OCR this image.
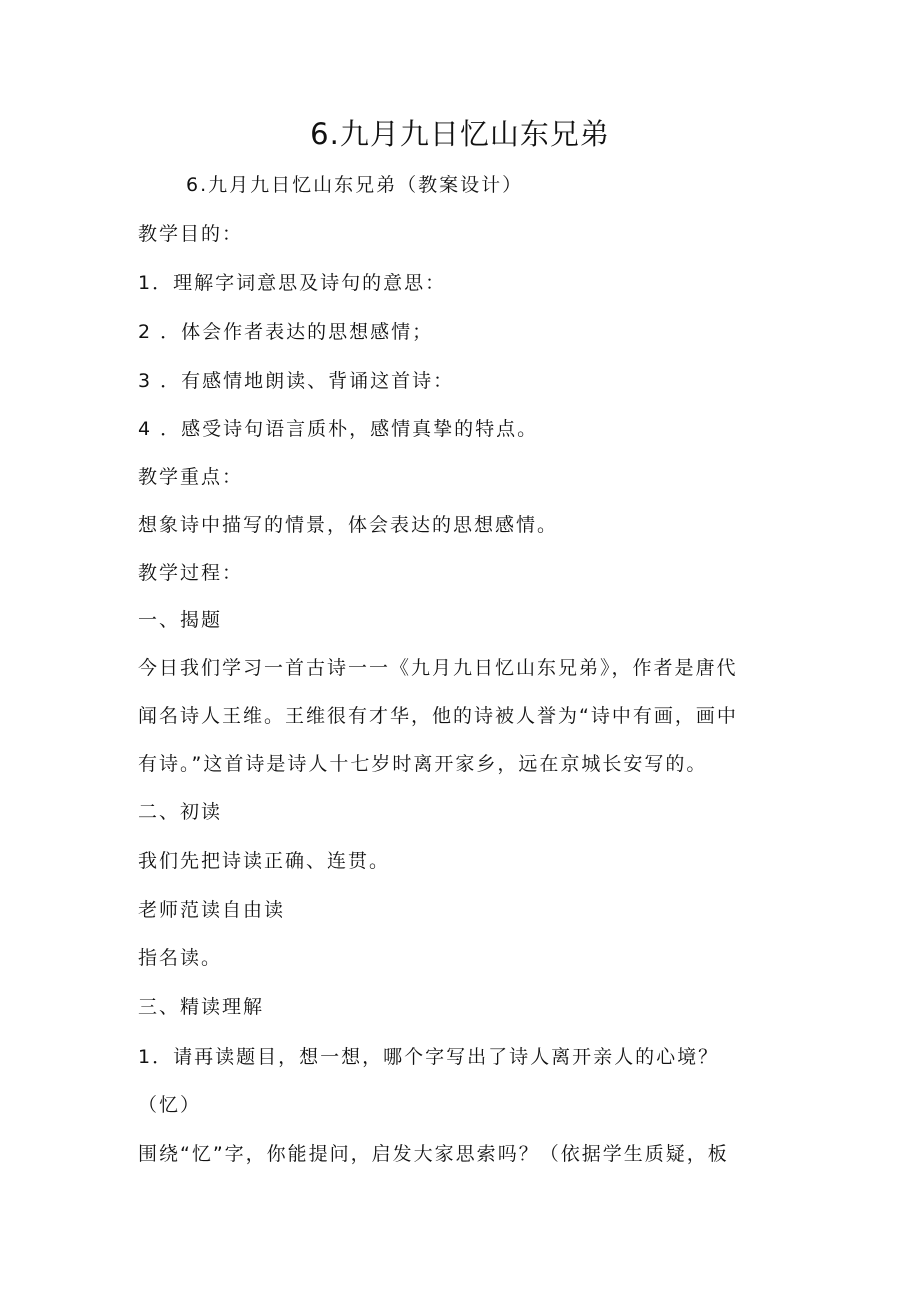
6.九月九日忆山东兄弟
6.九月九日忆山东兄弟（教案设计）
教学目的：
1．理解字词意思及诗句的意思：
2 ．体会作者表达的思想感情；
3 ．有感情地朗读、背诵这首诗：
4 ．感受诗句语言质朴，感情真挚的特点。
教学重点：
想象诗中描写的情景，体会表达的思想感情。
教学过程：
一、揭题
今日我们学习一首古诗一一《九月九日忆山东兄弟》，作者是唐代
闻名诗人王维。王维很有才华，他的诗被人誉为“诗中有画，画中
有诗。”这首诗是诗人十七岁时离开家乡，远在京城长安写的。
二、初读
我们先把诗读正确、连贯。
老师范读自由读
指名读。
三、精读理解
1．请再读题目，想一想，哪个字写出了诗人离开亲人的心境？
（忆）
围绕“忆”字，你能提问，启发大家思索吗？（依据学生质疑，板
